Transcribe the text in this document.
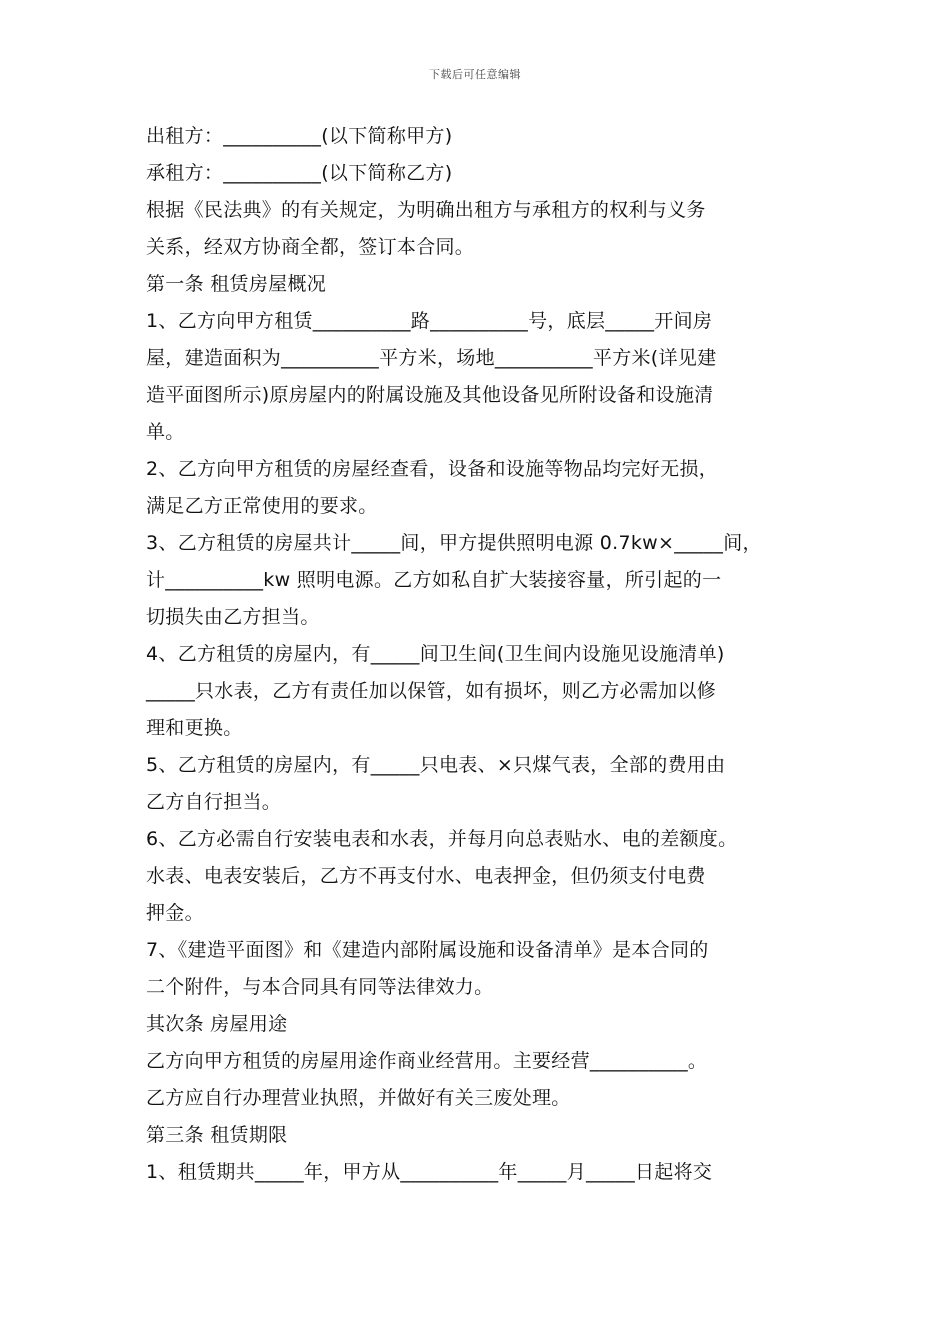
下载后可任意编辑
出租方：__________(以下简称甲方)
承租方：__________(以下简称乙方)
根据《民法典》的有关规定，为明确出租方与承租方的权利与义务
关系，经双方协商全都，签订本合同。
第一条 租赁房屋概况
1、乙方向甲方租赁__________路__________号，底层_____开间房
屋，建造面积为__________平方米，场地__________平方米(详见建
造平面图所示)原房屋内的附属设施及其他设备见所附设备和设施清
单。
2、乙方向甲方租赁的房屋经查看，设备和设施等物品均完好无损，
满足乙方正常使用的要求。
3、乙方租赁的房屋共计_____间，甲方提供照明电源 0.7kw×_____间，
计__________kw 照明电源。乙方如私自扩大装接容量，所引起的一
切损失由乙方担当。
4、乙方租赁的房屋内，有_____间卫生间(卫生间内设施见设施清单)
_____只水表，乙方有责任加以保管，如有损坏，则乙方必需加以修
理和更换。
5、乙方租赁的房屋内，有_____只电表、×只煤气表，全部的费用由
乙方自行担当。
6、乙方必需自行安装电表和水表，并每月向总表贴水、电的差额度。
水表、电表安装后，乙方不再支付水、电表押金，但仍须支付电费
押金。
7、《建造平面图》和《建造内部附属设施和设备清单》是本合同的
二个附件，与本合同具有同等法律效力。
其次条 房屋用途
乙方向甲方租赁的房屋用途作商业经营用。主要经营__________。
乙方应自行办理营业执照，并做好有关三废处理。
第三条 租赁期限
1、租赁期共_____年，甲方从__________年_____月_____日起将交
